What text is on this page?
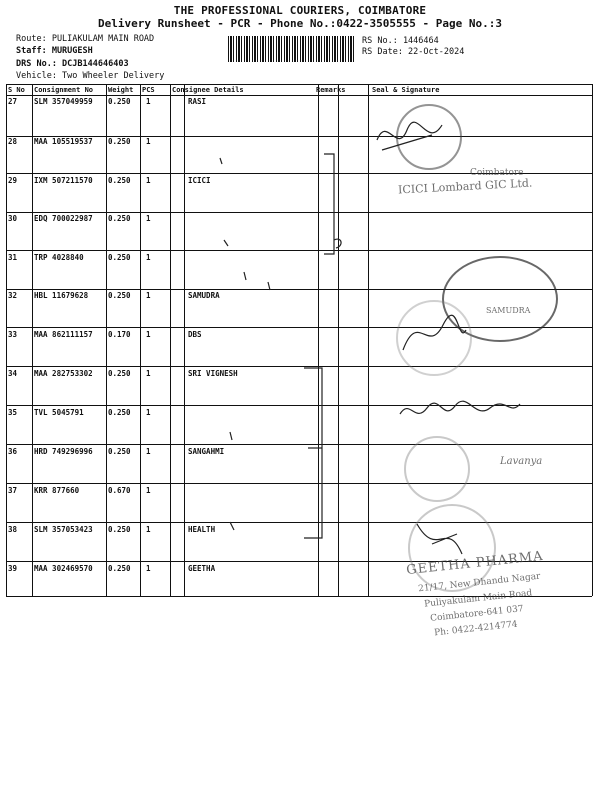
THE PROFESSIONAL COURIERS, COIMBATORE
Delivery Runsheet - PCR - Phone No.:0422-3505555 - Page No.:3
Route: PULIAKULAM MAIN ROAD
Staff: MURUGESH
DRS No.: DCJB144646403
Vehicle: Two Wheeler Delivery
RS No.: 1446464
RS Date: 22-Oct-2024
S No Consignment No Weight PCS Consignee Details	Remarks	Seal & Signature
27 SLM 357049959 0.250 1	RASI
28 MAA 105519537 0.250 1
29 IXM 507211570 0.250 1	ICICI
30 EDQ 700022987 0.250 1
31 TRP 4028840	0.250 1
32 HBL 11679628	0.250 1	SAMUDRA
33 MAA 862111157 0.170 1	DBS
34 MAA 282753302 0.250 1	SRI VIGNESH
35 TVL 5045791	0.250 1
36 HRD 749296996 0.250 1	SANGAHMI
37 KRR 877660	0.670 1
38 SLM 357053423 0.250 1	HEALTH
39 MAA 302469570 0.250 1	GEETHA
SAMUDRA
Coimbatore
ICICI Lombard GIC Ltd.
GEETHA PHARMA
21/17, New Dhandu Nagar
Puliyakulam Main Road
Coimbatore-641 037
Ph: 0422-4214774
Lavanya
